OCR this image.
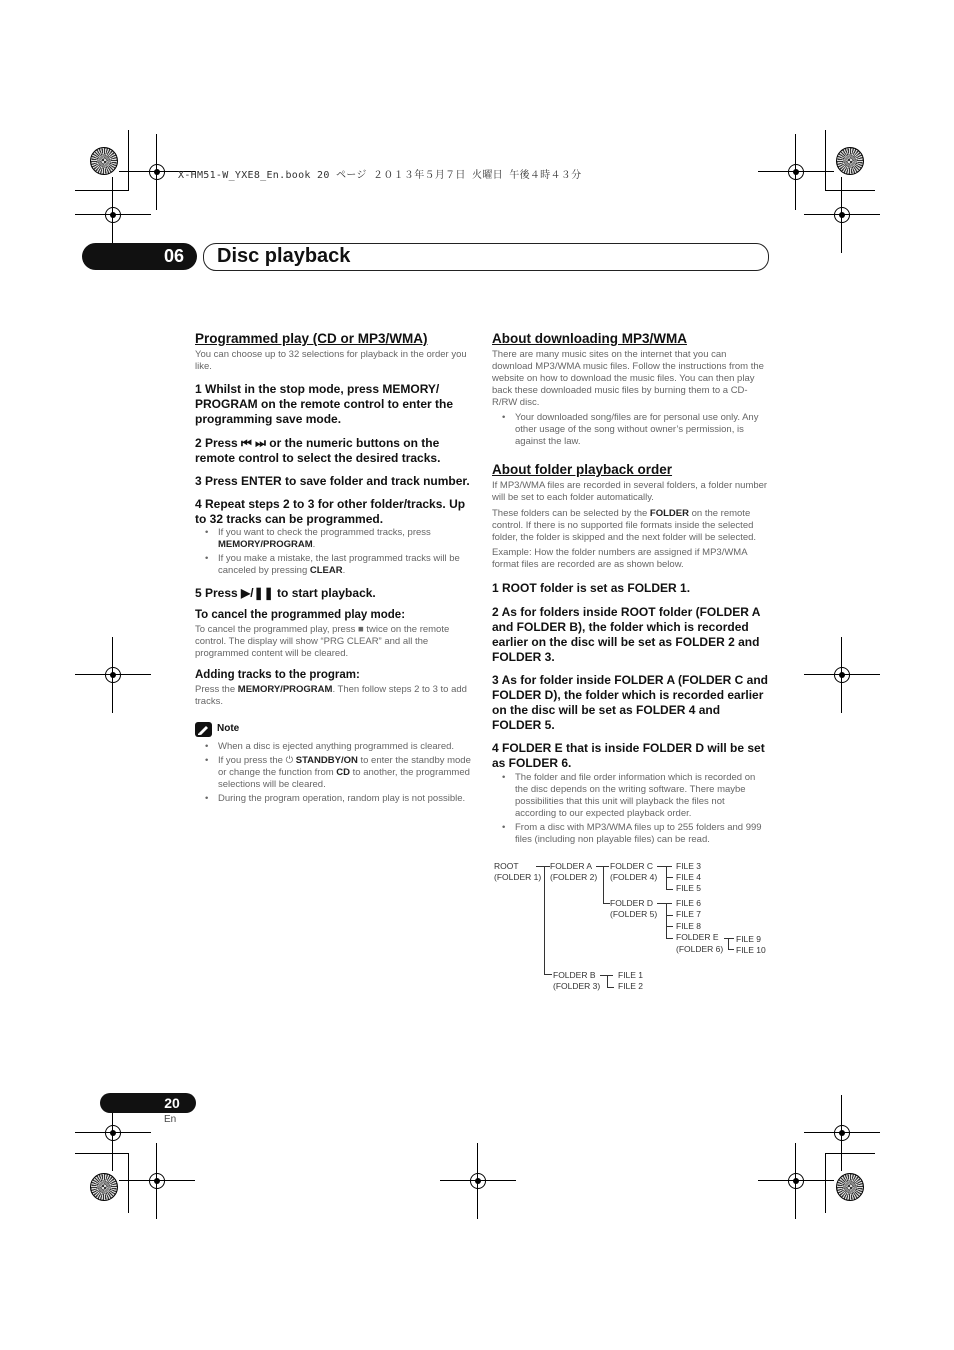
X-HM51-W_YXE8_En.book 20 ページ ２０１３年５月７日 火曜日 午後４時４３分
06	Disc playback
Programmed play (CD or MP3/WMA)
You can choose up to 32 selections for playback in the order you like.
1 Whilst in the stop mode, press MEMORY/ PROGRAM on the remote control to enter the programming save mode.
2 Press ⏮ ⏭ or the numeric buttons on the remote control to select the desired tracks.
3 Press ENTER to save folder and track number.
4 Repeat steps 2 to 3 for other folder/tracks. Up to 32 tracks can be programmed.
• If you want to check the programmed tracks, press MEMORY/PROGRAM.
• If you make a mistake, the last programmed tracks will be canceled by pressing CLEAR.
5 Press ▶/❚❚ to start playback.
To cancel the programmed play mode:
To cancel the programmed play, press ■ twice on the remote control. The display will show “PRG CLEAR” and all the programmed content will be cleared.
Adding tracks to the program:
Press the MEMORY/PROGRAM. Then follow steps 2 to 3 to add tracks.
Note
• When a disc is ejected anything programmed is cleared.
• If you press the ⏻ STANDBY/ON to enter the standby mode or change the function from CD to another, the programmed selections will be cleared.
• During the program operation, random play is not possible.
About downloading MP3/WMA
There are many music sites on the internet that you can download MP3/WMA music files. Follow the instructions from the website on how to download the music files. You can then play back these downloaded music files by burning them to a CD-R/RW disc.
• Your downloaded song/files are for personal use only. Any other usage of the song without owner’s permission, is against the law.
About folder playback order
If MP3/WMA files are recorded in several folders, a folder number will be set to each folder automatically.
These folders can be selected by the FOLDER on the remote control. If there is no supported file formats inside the selected folder, the folder is skipped and the next folder will be selected.
Example: How the folder numbers are assigned if MP3/WMA format files are recorded are as shown below.
1 ROOT folder is set as FOLDER 1.
2 As for folders inside ROOT folder (FOLDER A and FOLDER B), the folder which is recorded earlier on the disc will be set as FOLDER 2 and FOLDER 3.
3 As for folder inside FOLDER A (FOLDER C and FOLDER D), the folder which is recorded earlier on the disc will be set as FOLDER 4 and FOLDER 5.
4 FOLDER E that is inside FOLDER D will be set as FOLDER 6.
• The folder and file order information which is recorded on the disc depends on the writing software. There maybe possibilities that this unit will playback the files not according to our expected playback order.
• From a disc with MP3/WMA files up to 255 folders and 999 files (including non playable files) can be read.
ROOT
(FOLDER 1)
FOLDER A
(FOLDER 2)
FOLDER C
(FOLDER 4)
FILE 3
FILE 4
FILE 5
FOLDER D
(FOLDER 5)
FILE 6
FILE 7
FILE 8
FOLDER E
(FOLDER 6)
FILE 9
FILE 10
FOLDER B
(FOLDER 3)
FILE 1
FILE 2
20
En
